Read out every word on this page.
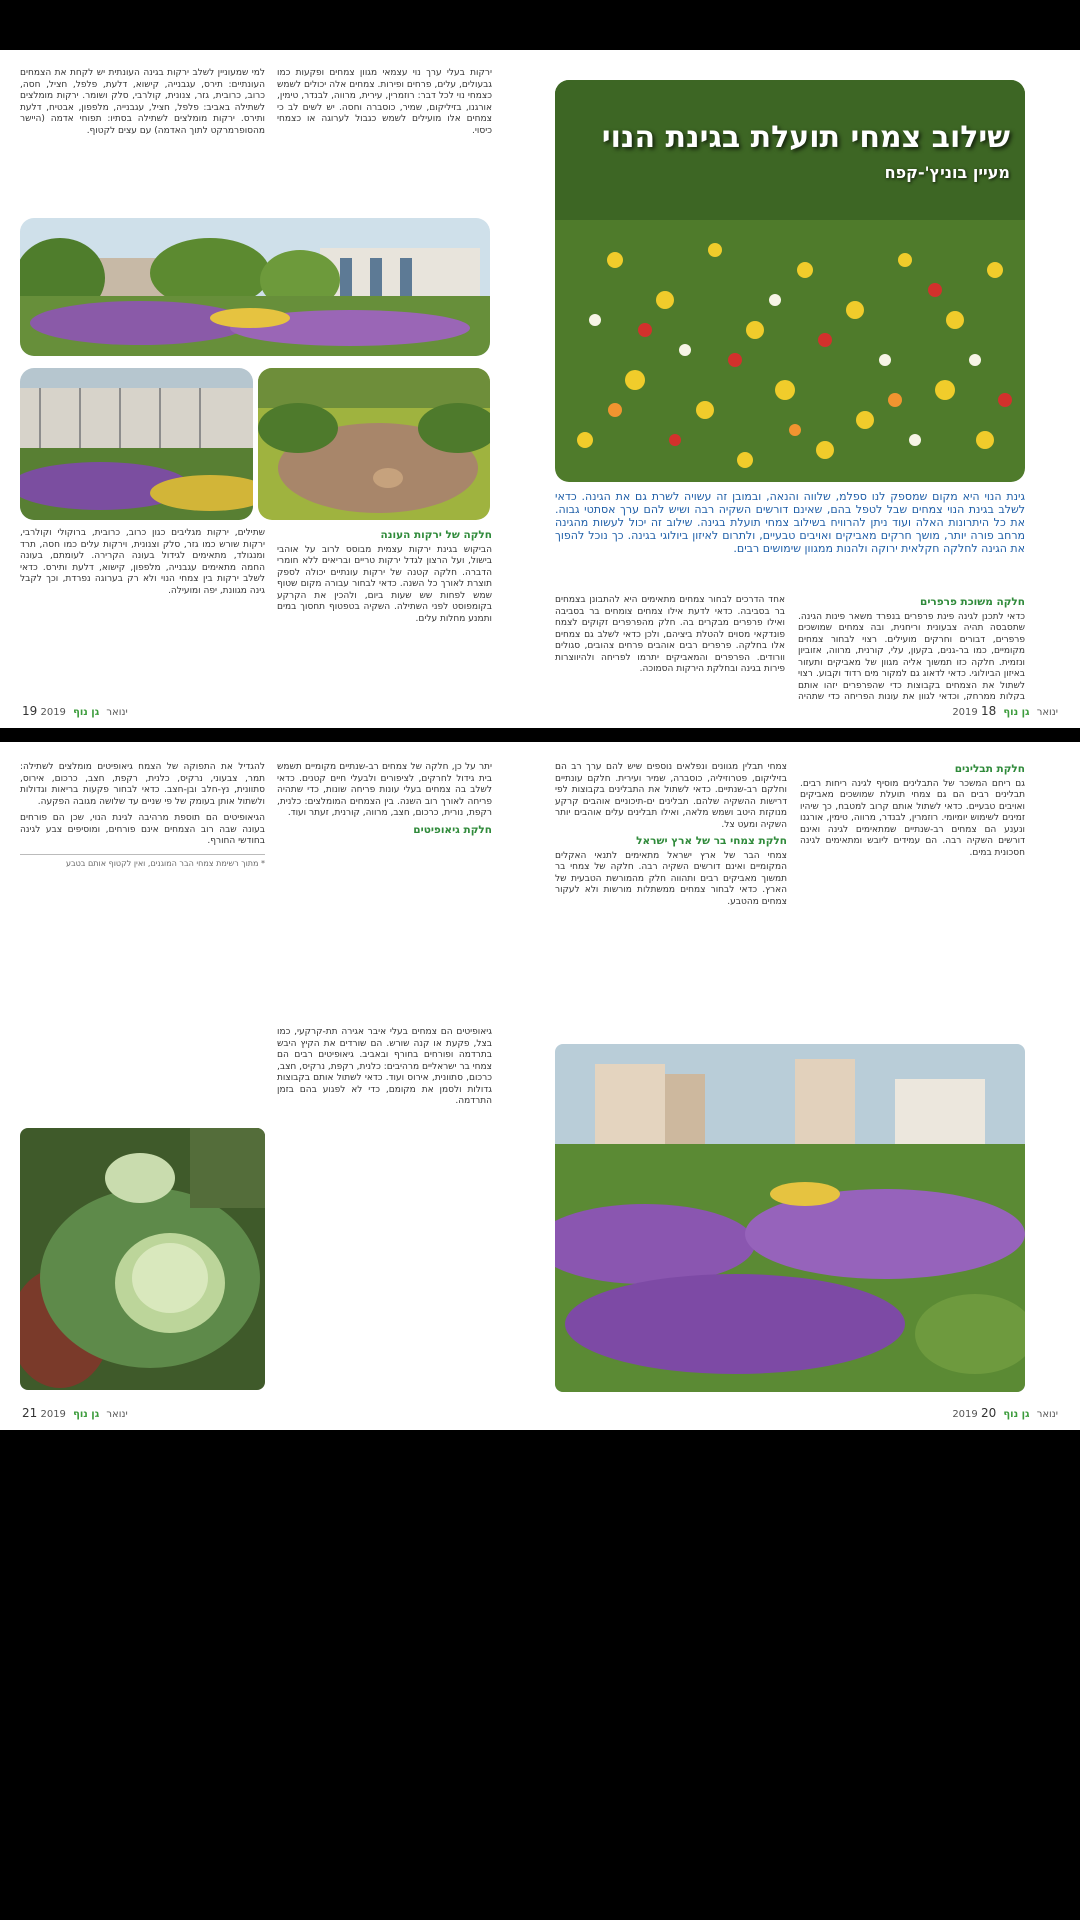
ירקות בעלי ערך נוי עצמאי מגוון צמחים ופקעות כמו גבעולים, עלים, פרחים ופירות. צמחים אלה יכולים לשמש כצמחי נוי לכל דבר: רוזמרין, עירית, מרווה, לבנדר, טימין, אורגנו, בזיליקום, שמיר, כוסברה וחסה. יש לשים לב כי צמחים אלו מועילים לשמש כגבול לערוגה או כצמחי כיסוי.

למי שמעוניין לשלב ירקות בגינה העונתית יש לקחת את הצמחים העונתיים: תירס, עגבנייה, קישוא, דלעת, פלפל, חציל, חסה, כרוב, כרובית, גזר, צנונית, קולרבי, סלק ושומר. ירקות מומלצים לשתילה באביב: פלפל, חציל, עגבנייה, מלפפון, אבטיח, דלעת ותירס. ירקות מומלצים לשתילה בסתיו: תפוחי אדמה (היישר מהסופרמרקט לתוך האדמה) עם עצים לקטוף.

חלקה של ירקות העונה

הביקוש בגינת ירקות עצמית מבוסס לרוב על אוהבי בישול, ועל הרצון לגדל ירקות טריים ובריאים ללא חומרי הדברה. חלקה קטנה של ירקות עונתיים יכולה לספק תוצרת לאורך כל השנה. כדאי לבחור עבורה מקום שטוף שמש לפחות שש שעות ביום, ולהכין את הקרקע בקומפוסט לפני השתילה. השקיה בטפטוף תחסוך במים ותמנע מחלות עלים.

שתילים, ירקות מגליבים כגון כרוב, כרובית, ברוקולי וקולרבי, ירקות שורש כמו גזר, סלק וצנונית, וירקות עלים כמו חסה, תרד ומנגולד, מתאימים לגידול בעונה הקרירה. לעומתם, בעונה החמה מתאימים עגבנייה, מלפפון, קישוא, דלעת ותירס. כדאי לשלב ירקות בין צמחי הנוי ולא רק בערוגה נפרדת, וכך לקבל גינה מגוונת, יפה ומועילה.

19 2019 ינואר גן נוף
שילוב צמחי תועלת בגינת הנוי
מעיין בוניץ'-קפח
גינת הנוי היא מקום שמספק לנו ספלמ, שלווה והנאה, ובמובן זה עשויה לשרת גם את הגינה. כדאי לשלב בגינת הנוי צמחים שבל לטפל בהם, שאינם דורשים השקיה רבה ושיש להם ערך אסתטי גבוה. את כל היתרונות האלה ועוד ניתן להרוויח בשילוב צמחי תועלת בגינה. שילוב זה יכול לעשות מהגינה מרחב פורה יותר, מושך חרקים מאביקים ואויבים טבעיים, ולתרום לאיזון ביולוגי בגינה. כך נוכל להפוך את הגינה לחלקה חקלאית ירוקה ולהנות ממגוון שימושים רבים.
חלקה משוכת פרפרים

כדאי לתכנן לגינה פינת פרפרים בנפרד משאר פינות הגינה. שתסבסה תהיה צבעונית וריחנית, ובה צמחים שמושכים פרפרים, דבורים וחרקים מועילים. רצוי לבחור צמחים מקומיים, כמו בר-גנים, בקעון, עלי, קורנית, מרווה, אזוביון ונזמית. חלקה כזו תמשוך אליה מגוון של מאביקים ותעזור באיזון הביולוגי. כדאי לדאוג גם למקור מים רדוד וקבוע. רצוי לשתול את הצמחים בקבוצות כדי שהפרפרים יזהו אותם בקלות ממרחק, וכדאי לגוון את עונות הפריחה כדי שתהיה

אחד הדרכים לבחור צמחים מתאימים היא להתבונן בצמחים בר בסביבה. כדאי לדעת אילו צמחים צומחים בר בסביבה ואילו פרפרים מבקרים בה. חלק מהפרפרים זקוקים לצמח פונדקאי מסוים להטלת ביציהם, ולכן כדאי לשלב גם צמחים אלו בחלקה. פרפרים רבים אוהבים פרחים צהובים, סגולים וורודים. הפרפרים והמאביקים יתרמו לפריחה ולהיווצרות פירות בגינה ובחלקת הירקות הסמוכה.

2019 ינואר גן נוף 18

יתר על כן, חלקה של צמחים רב-שנתיים מקומיים תשמש בית גידול לחרקים, לציפורים ולבעלי חיים קטנים. כדאי לשלב בה צמחים בעלי עונות פריחה שונות, כדי שתהיה פריחה לאורך רוב השנה. בין הצמחים המומלצים: כלנית, רקפת, נורית, כרכום, חצב, מרווה, קורנית, זעתר ועוד.

חלקת גיאופיטים

גיאופיטים הם צמחים בעלי איבר אגירה תת-קרקעי, כמו בצל, פקעת או קנה שורש. הם שורדים את הקיץ היבש בתרדמה ופורחים בחורף ובאביב. גיאופיטים רבים הם צמחי בר ישראליים מרהיבים: כלנית, רקפת, נרקיס, חצב, כרכום, סתוונית, אירוס ועוד. כדאי לשתול אותם בקבוצות גדולות ולסמן את מקומם, כדי לא לפגוע בהם בזמן התרדמה.

להגדיל את התפוקה של הצמח גיאופיטים מומלצים לשתילה: תמר, צבעוני, נרקיס, כלנית, רקפת, חצב, כרכום, אירוס, סתוונית, נץ-חלב ובן-חצב. כדאי לבחור פקעות בריאות וגדולות ולשתול אותן בעומק של פי שניים עד שלושה מגובה הפקעה.

הגיאופיטים הם תוספת מרהיבה לגינת הנוי, שכן הם פורחים בעונה שבה רוב הצמחים אינם פורחים, ומוסיפים צבע לגינה בחודשי החורף.

* מתוך רשימת צמחי הבר המוגנים, ואין לקטוף אותם בטבע
21 2019 ינואר גן נוף
חלקת תבלינים

גם ריחם המשכר של התבלינים מוסיף לגינה ריחות רבים. תבלינים רבים הם גם צמחי תועלת שמושכים מאביקים ואויבים טבעיים. כדאי לשתול אותם קרוב למטבח, כך שיהיו זמינים לשימוש יומיומי. רוזמרין, לבנדר, מרווה, טימין, אורגנו ונענע הם צמחים רב-שנתיים שמתאימים לגינה ואינם דורשים השקיה רבה. הם עמידים ליובש ומתאימים לגינה חסכונית במים.

צמחי תבלין מגוונים ונפלאים נוספים שיש להם ערך רב הם בזיליקום, פטרוזיליה, כוסברה, שמיר ועירית. חלקם עונתיים וחלקם רב-שנתיים. כדאי לשתול את התבלינים בקבוצות לפי דרישות ההשקיה שלהם. תבלינים ים-תיכוניים אוהבים קרקע מנוקזת היטב ושמש מלאה, ואילו תבלינים עלים אוהבים יותר השקיה ומעט צל.

חלקת צמחי בר של ארץ ישראל

צמחי הבר של ארץ ישראל מתאימים לתנאי האקלים המקומיים ואינם דורשים השקיה רבה. חלקה של צמחי בר תמשוך מאביקים רבים ותהווה חלק מהמורשת הטבעית של הארץ. כדאי לבחור צמחים ממשתלות מורשות ולא לעקור צמחים מהטבע.

2019 ינואר גן נוף 20
